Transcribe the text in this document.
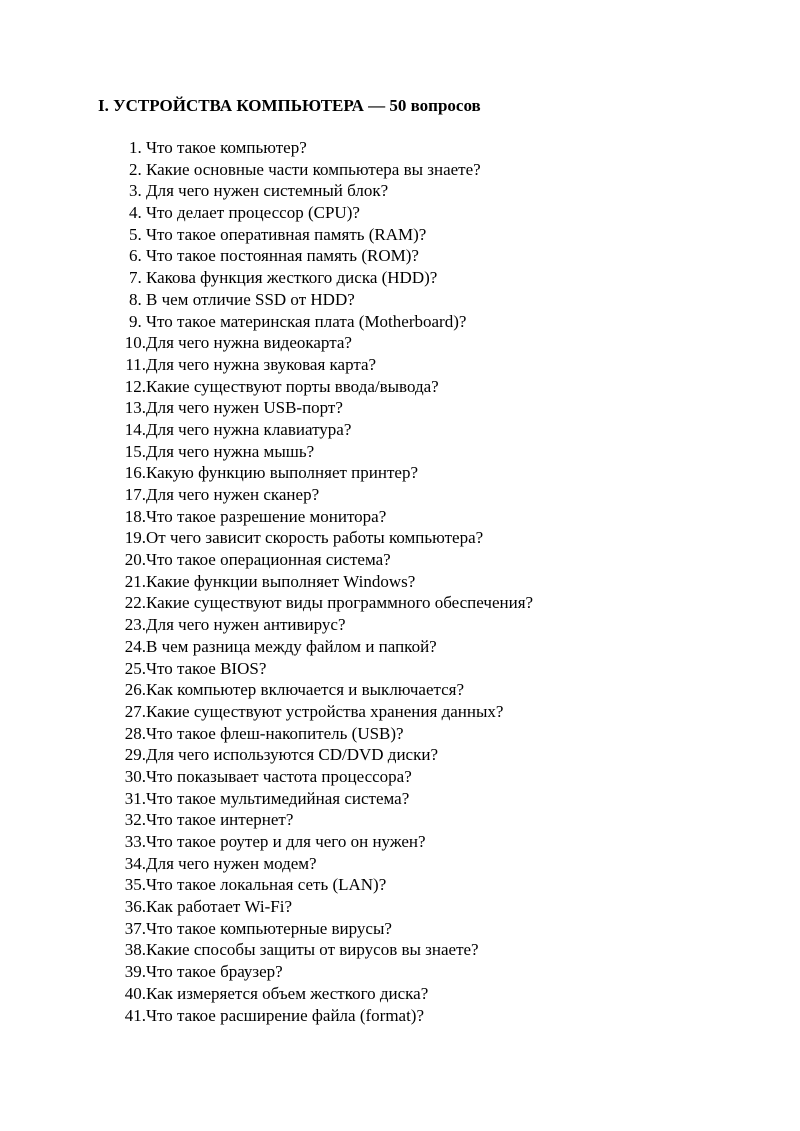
I. УСТРОЙСТВА КОМПЬЮТЕРА — 50 вопросов
1. Что такое компьютер?
2. Какие основные части компьютера вы знаете?
3. Для чего нужен системный блок?
4. Что делает процессор (CPU)?
5. Что такое оперативная память (RAM)?
6. Что такое постоянная память (ROM)?
7. Какова функция жесткого диска (HDD)?
8. В чем отличие SSD от HDD?
9. Что такое материнская плата (Motherboard)?
10. Для чего нужна видеокарта?
11. Для чего нужна звуковая карта?
12. Какие существуют порты ввода/вывода?
13. Для чего нужен USB-порт?
14. Для чего нужна клавиатура?
15. Для чего нужна мышь?
16. Какую функцию выполняет принтер?
17. Для чего нужен сканер?
18. Что такое разрешение монитора?
19. От чего зависит скорость работы компьютера?
20. Что такое операционная система?
21. Какие функции выполняет Windows?
22. Какие существуют виды программного обеспечения?
23. Для чего нужен антивирус?
24. В чем разница между файлом и папкой?
25. Что такое BIOS?
26. Как компьютер включается и выключается?
27. Какие существуют устройства хранения данных?
28. Что такое флеш-накопитель (USB)?
29. Для чего используются CD/DVD диски?
30. Что показывает частота процессора?
31. Что такое мультимедийная система?
32. Что такое интернет?
33. Что такое роутер и для чего он нужен?
34. Для чего нужен модем?
35. Что такое локальная сеть (LAN)?
36. Как работает Wi-Fi?
37. Что такое компьютерные вирусы?
38. Какие способы защиты от вирусов вы знаете?
39. Что такое браузер?
40. Как измеряется объем жесткого диска?
41. Что такое расширение файла (format)?
